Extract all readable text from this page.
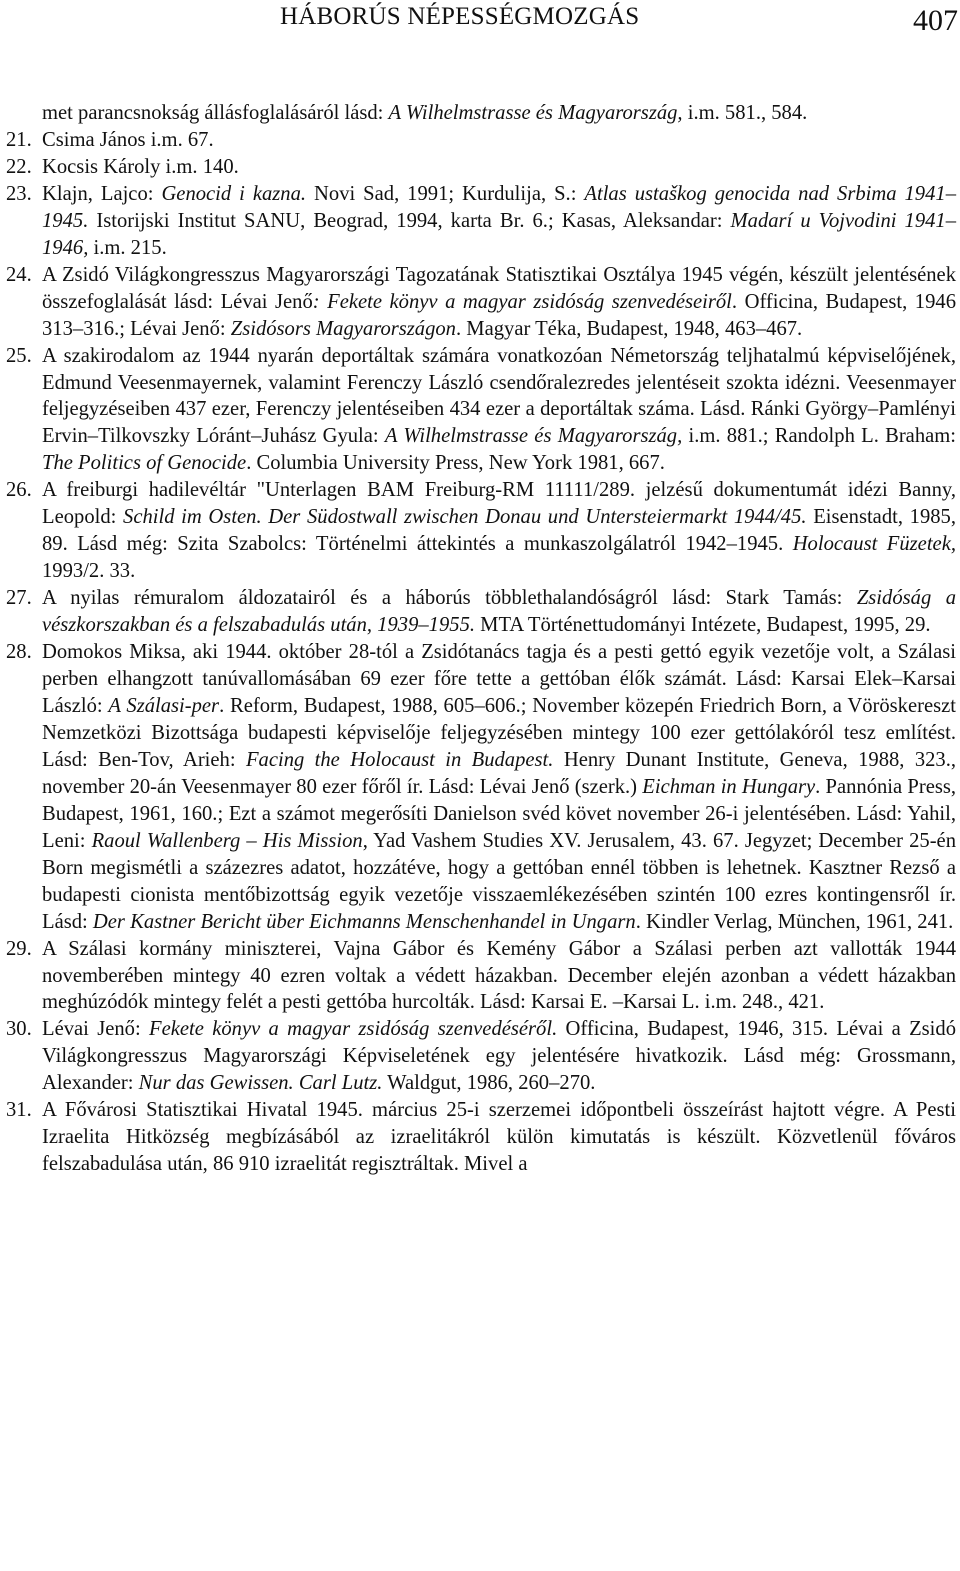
HÁBORÚS NÉPESSÉGMOZGÁS	407
met parancsnokság állásfoglalásáról lásd: A Wilhelmstrasse és Magyarország, i.m. 581., 584.
21. Csima János i.m. 67.
22. Kocsis Károly i.m. 140.
23. Klajn, Lajco: Genocid i kazna. Novi Sad, 1991; Kurdulija, S.: Atlas ustaškog genocida nad Srbima 1941–1945. Istorijski Institut SANU, Beograd, 1994, karta Br. 6.; Kasas, Aleksandar: Madarí u Vojvodini 1941–1946, i.m. 215.
24. A Zsidó Világkongresszus Magyarországi Tagozatának Statisztikai Osztálya 1945 végén, készült jelentésének összefoglalását lásd: Lévai Jenő: Fekete könyv a magyar zsidóság szenvedéseiről. Officina, Budapest, 1946 313–316.; Lévai Jenő: Zsidósors Magyarországon. Magyar Téka, Budapest, 1948, 463–467.
25. A szakirodalom az 1944 nyarán deportáltak számára vonatkozóan Németország teljhatalmú képviselőjének, Edmund Veesenmayernek, valamint Ferenczy László csendőralezredes jelentéseit szokta idézni. Veesenmayer feljegyzéseiben 437 ezer, Ferenczy jelentéseiben 434 ezer a deportáltak száma. Lásd. Ránki György–Pamlényi Ervin–Tilkovszky Lóránt–Juhász Gyula: A Wilhelmstrasse és Magyarország, i.m. 881.; Randolph L. Braham: The Politics of Genocide. Columbia University Press, New York 1981, 667.
26. A freiburgi hadilevéltár "Unterlagen BAM Freiburg-RM 11111/289. jelzésű dokumentumát idézi Banny, Leopold: Schild im Osten. Der Südostwall zwischen Donau und Untersteiermarkt 1944/45. Eisenstadt, 1985, 89. Lásd még: Szita Szabolcs: Történelmi áttekintés a munkaszolgálatról 1942–1945. Holocaust Füzetek, 1993/2. 33.
27. A nyilas rémuralom áldozatairól és a háborús többlethalandóságról lásd: Stark Tamás: Zsidóság a vészkorszakban és a felszabadulás után, 1939–1955. MTA Történettudományi Intézete, Budapest, 1995, 29.
28. Domokos Miksa, aki 1944. október 28-tól a Zsidótanács tagja és a pesti gettó egyik vezetője volt, a Szálasi perben elhangzott tanúvallomásában 69 ezer főre tette a gettóban élők számát. Lásd: Karsai Elek–Karsai László: A Szálasi-per. Reform, Budapest, 1988, 605–606.; November közepén Friedrich Born, a Vöröskereszt Nemzetközi Bizottsága budapesti képviselője feljegyzésében mintegy 100 ezer gettólakóról tesz említést. Lásd: Ben-Tov, Arieh: Facing the Holocaust in Budapest. Henry Dunant Institute, Geneva, 1988, 323., november 20-án Veesenmayer 80 ezer főről ír. Lásd: Lévai Jenő (szerk.) Eichman in Hungary. Pannónia Press, Budapest, 1961, 160.; Ezt a számot megerősíti Danielson svéd követ november 26-i jelentésében. Lásd: Yahil, Leni: Raoul Wallenberg – His Mission, Yad Vashem Studies XV. Jerusalem, 43. 67. Jegyzet; December 25-én Born megismétli a százezres adatot, hozzátéve, hogy a gettóban ennél többen is lehetnek. Kasztner Rezső a budapesti cionista mentőbizottság egyik vezetője visszaemlékezésében szintén 100 ezres kontingensről ír. Lásd: Der Kastner Bericht über Eichmanns Menschenhandel in Ungarn. Kindler Verlag, München, 1961, 241.
29. A Szálasi kormány miniszterei, Vajna Gábor és Kemény Gábor a Szálasi perben azt vallották 1944 novemberében mintegy 40 ezren voltak a védett házakban. December elején azonban a védett házakban meghúzódók mintegy felét a pesti gettóba hurcolták. Lásd: Karsai E. –Karsai L. i.m. 248., 421.
30. Lévai Jenő: Fekete könyv a magyar zsidóság szenvedéséről. Officina, Budapest, 1946, 315. Lévai a Zsidó Világkongresszus Magyarországi Képviseletének egy jelentésére hivatkozik. Lásd még: Grossmann, Alexander: Nur das Gewissen. Carl Lutz. Waldgut, 1986, 260–270.
31. A Fővárosi Statisztikai Hivatal 1945. március 25-i szerzemei időpontbeli összeírást hajtott végre. A Pesti Izraelita Hitközség megbízásából az izraelitákról külön kimutatás is készült. Közvetlenül főváros felszabadulása után, 86 910 izraelitát regisztráltak. Mivel a
